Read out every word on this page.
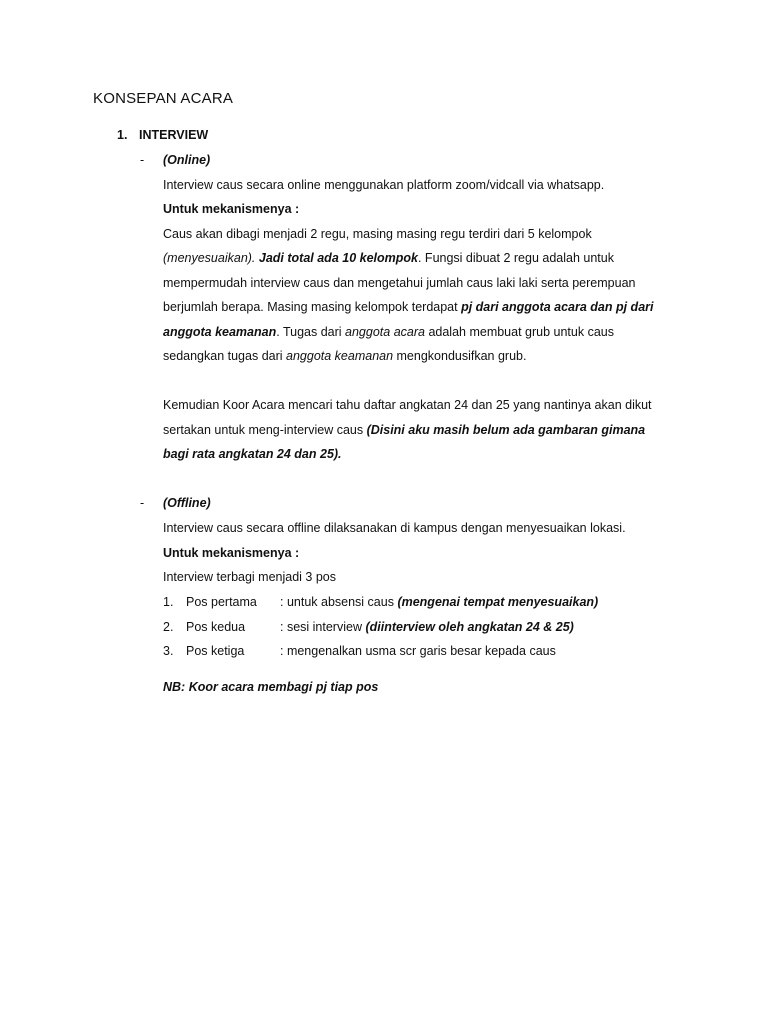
KONSEPAN ACARA
1. INTERVIEW
- (Online)
Interview caus secara online menggunakan platform zoom/vidcall via whatsapp.
Untuk mekanismenya :
Caus akan dibagi menjadi 2 regu, masing masing regu terdiri dari 5 kelompok
(menyesuaikan). Jadi total ada 10 kelompok. Fungsi dibuat 2 regu adalah untuk
mempermudah interview caus dan mengetahui jumlah caus laki laki serta perempuan
berjumlah berapa. Masing masing kelompok terdapat pj dari anggota acara dan pj dari
anggota keamanan. Tugas dari anggota acara adalah membuat grub untuk caus
sedangkan tugas dari anggota keamanan mengkondusifkan grub.
Kemudian Koor Acara mencari tahu daftar angkatan 24 dan 25 yang nantinya akan dikut
sertakan untuk meng-interview caus (Disini aku masih belum ada gambaran gimana
bagi rata angkatan 24 dan 25).
- (Offline)
Interview caus secara offline dilaksanakan di kampus dengan menyesuaikan lokasi.
Untuk mekanismenya :
Interview terbagi menjadi 3 pos
1. Pos pertama : untuk absensi caus (mengenai tempat menyesuaikan)
2. Pos kedua	: sesi interview (diinterview oleh angkatan 24 & 25)
3. Pos ketiga	: mengenalkan usma scr garis besar kepada caus
NB: Koor acara membagi pj tiap pos
